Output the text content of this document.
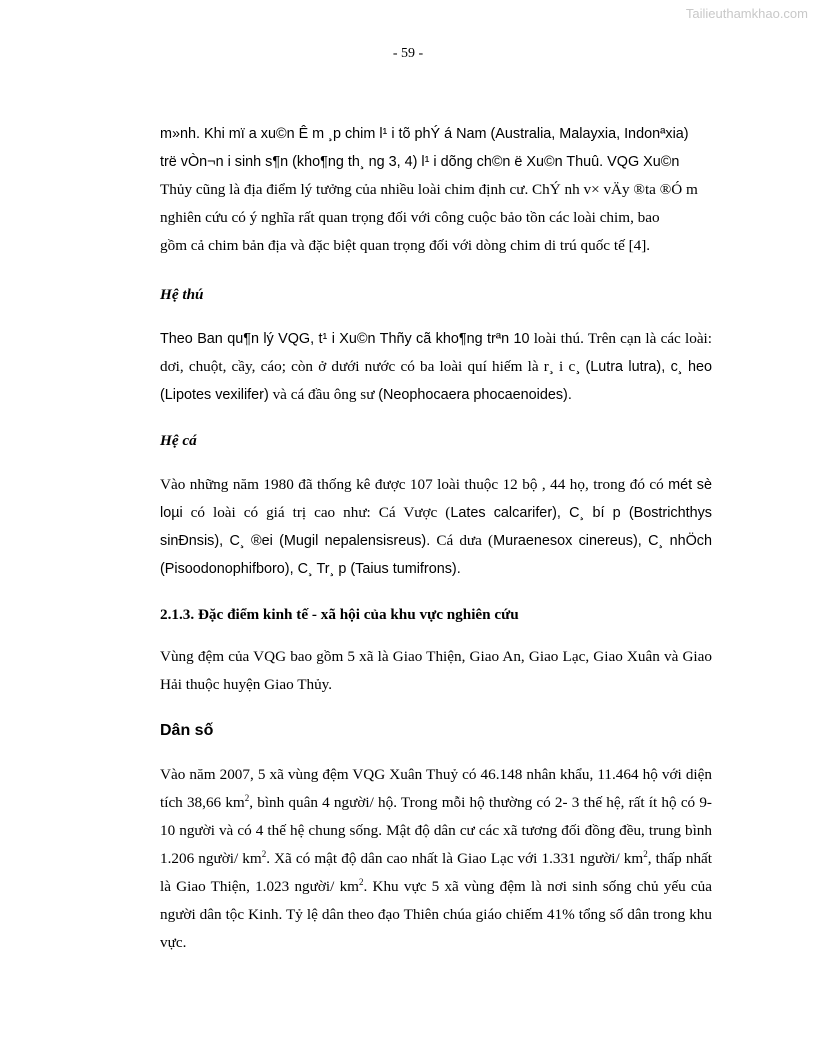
Tailieuthamkhao.com
- 59 -

m»nh. Khi mï a xu©n Ê m ¸p chim l¹ i tõ phÝ á Nam (Australia, Malayxia, Indonªxia)
trë vÒn¬n i sinh s¶n (kho¶ng th¸ ng 3, 4) l¹ i dõng ch©n ë Xu©n Thuû. VQG Xu©n
Thủy cũng là địa điểm lý tưởng của nhiều loài chim định cư. ChÝ nh v× vÄy ®ta ®Ó m
nghiên cứu có ý nghĩa rất quan trọng đối với công cuộc bảo tồn các loài chim, bao
gồm cả chim bản địa và đặc biệt quan trọng đối với dòng chim di trú quốc tế [4].

Hệ thú

Theo Ban qu¶n lý VQG, t¹ i Xu©n Thñy cã kho¶ng trªn 10 loài thú. Trên cạn là các loài: dơi, chuột, cầy, cáo; còn ở dưới nước có ba loài quí hiếm là r¸ i c¸ (Lutra lutra), c¸ heo (Lipotes vexilifer) và cá đầu ông sư (Neophocaera phocaenoides).

Hệ cá

Vào những năm 1980 đã thống kê được 107 loài thuộc 12 bộ , 44 họ, trong đó có mét sè loµi có loài có giá trị cao như: Cá Vược (Lates calcarifer), C¸ bí p (Bostrichthys sinÐnsis), C¸ ®ei (Mugil nepalensisreus). Cá dưa (Muraenesox cinereus), C¸ nhÖch (Pisoodonophifboro), C¸ Tr¸ p (Taius tumifrons).

2.1.3. Đặc điểm kinh tế - xã hội của khu vực nghiên cứu

Vùng đệm của VQG bao gồm 5 xã là Giao Thiện, Giao An, Giao Lạc, Giao Xuân và Giao Hải thuộc huyện Giao Thủy.

Dân số

Vào năm 2007, 5 xã vùng đệm VQG Xuân Thuỷ có 46.148 nhân khẩu, 11.464 hộ với diện tích 38,66 $km^2$, bình quân 4 người/ hộ. Trong mỗi hộ thường có 2- 3 thế hệ, rất ít hộ có 9- 10 người và có 4 thế hệ chung sống. Mật độ dân cư các xã tương đối đồng đều, trung bình 1.206 người/ $km^2$. Xã có mật độ dân cao nhất là Giao Lạc với 1.331 người/ $km^2$, thấp nhất là Giao Thiện, 1.023 người/ $km^2$. Khu vực 5 xã vùng đệm là nơi sinh sống chủ yếu của người dân tộc Kinh. Tỷ lệ dân theo đạo Thiên chúa giáo chiếm 41% tổng số dân trong khu vực.
